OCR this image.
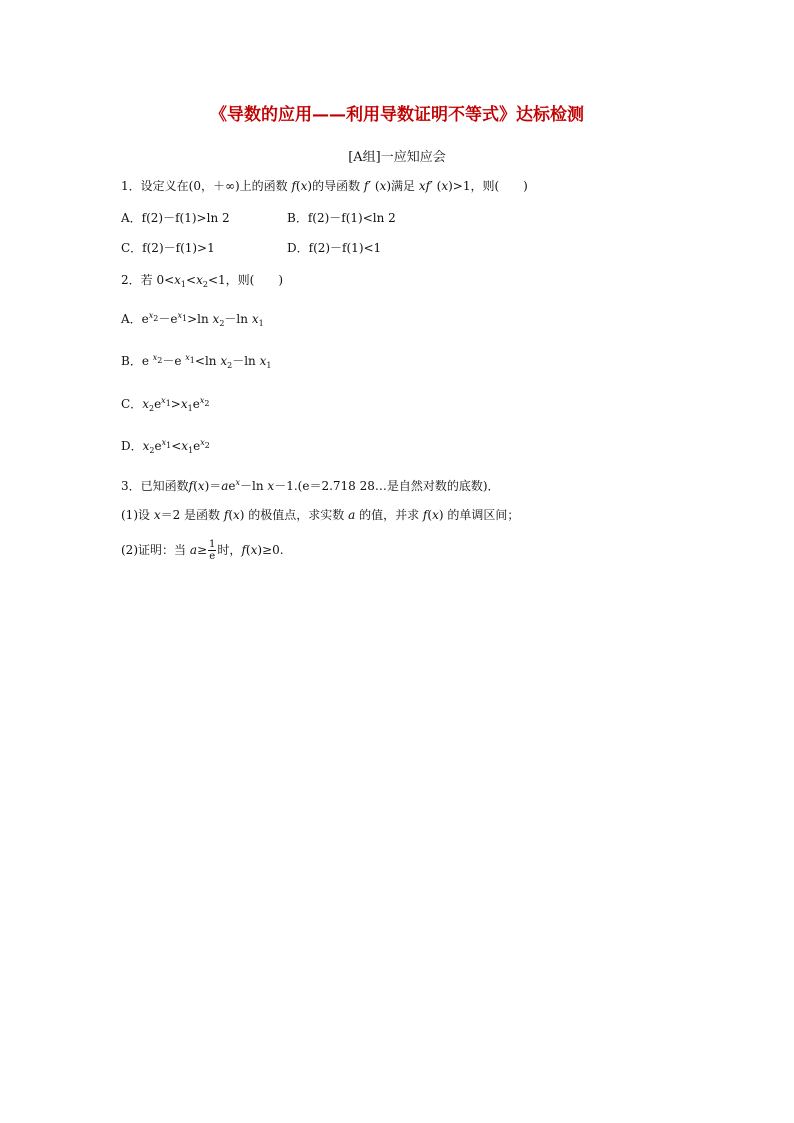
《导数的应用——利用导数证明不等式》达标检测
[A组]一应知应会
1．设定义在(0，＋∞)上的函数 f(x)的导函数 f′ (x)满足 xf′ (x)>1，则(　　)
A．f(2)－f(1)>ln 2	B．f(2)－f(1)<ln 2
C．f(2)－f(1)>1	D．f(2)－f(1)<1
2．若 $0<x_1<x_2<1$，则(　　)
A．$e^{x_2}-e^{x_1}>\ln$ $x_2-\ln$ $x_1$
B．e $^{x_2}$－e $^{x_1}$<ln $x_2-\ln$ $x_1$
C．$x_2e^{x_1}>x_1e^{x_2}$
D．$x_2e^{x_1}<x_1e^{x_2}$
3．已知函数$f(x)=ae^x-\ln$ x－1.(e＝2.718 28…是自然对数的底数)．
(1)设 x＝2 是函数 f(x) 的极值点，求实数 a 的值，并求 f(x) 的单调区间；
(2)证明：当 $a\ge \frac{1}{e}$ 时，f(x)≥0.
